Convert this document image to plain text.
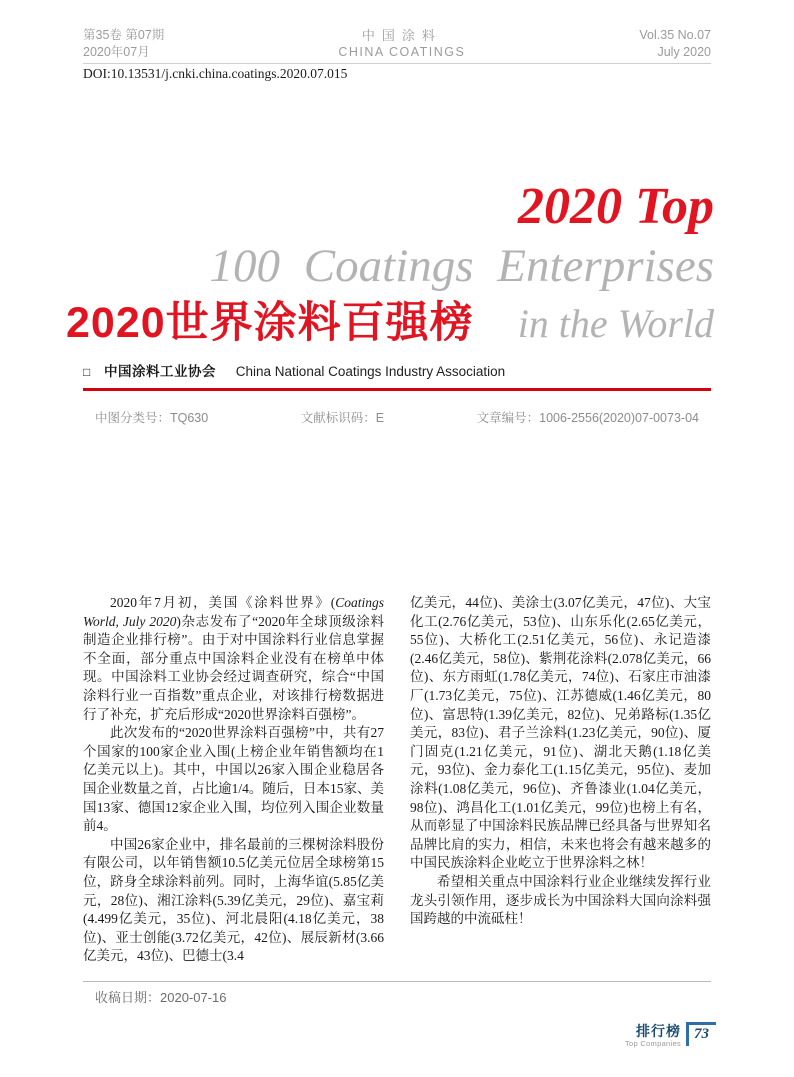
第35卷 第07期
2020年07月
中国涂料
CHINA COATINGS
Vol.35 No.07
July 2020
DOI:10.13531/j.cnki.china.coatings.2020.07.015
2020 Top
100 Coatings Enterprises
2020世界涂料百强榜 in the World
□ 中国涂料工业协会 China National Coatings Industry Association
中图分类号：TQ630	文献标识码：E	文章编号：1006-2556(2020)07-0073-04

2020年7月初，美国《涂料世界》(Coatings World, July 2020)杂志发布了“2020年全球顶级涂料制造企业排行榜”。由于对中国涂料行业信息掌握不全面，部分重点中国涂料企业没有在榜单中体现。中国涂料工业协会经过调查研究，综合“中国涂料行业一百指数”重点企业，对该排行榜数据进行了补充，扩充后形成“2020世界涂料百强榜”。

此次发布的“2020世界涂料百强榜”中，共有27个国家的100家企业入围(上榜企业年销售额均在1亿美元以上)。其中，中国以26家入围企业稳居各国企业数量之首，占比逾1/4。随后，日本15家、美国13家、德国12家企业入围，均位列入围企业数量前4。

中国26家企业中，排名最前的三棵树涂料股份有限公司，以年销售额10.5亿美元位居全球榜第15位，跻身全球涂料前列。同时，上海华谊(5.85亿美元，28位)、湘江涂料(5.39亿美元，29位)、嘉宝莉(4.499亿美元，35位)、河北晨阳(4.18亿美元，38位)、亚士创能(3.72亿美元，42位)、展辰新材(3.66亿美元，43位)、巴德士(3.4

亿美元，44位)、美涂士(3.07亿美元，47位)、大宝化工(2.76亿美元，53位)、山东乐化(2.65亿美元，55位)、大桥化工(2.51亿美元，56位)、永记造漆(2.46亿美元，58位)、紫荆花涂料(2.078亿美元，66位)、东方雨虹(1.78亿美元，74位)、石家庄市油漆厂(1.73亿美元，75位)、江苏德威(1.46亿美元，80位)、富思特(1.39亿美元，82位)、兄弟路标(1.35亿美元，83位)、君子兰涂料(1.23亿美元，90位)、厦门固克(1.21亿美元，91位)、湖北天鹅(1.18亿美元，93位)、金力泰化工(1.15亿美元，95位)、麦加涂料(1.08亿美元，96位)、齐鲁漆业(1.04亿美元，98位)、鸿昌化工(1.01亿美元，99位)也榜上有名，从而彰显了中国涂料民族品牌已经具备与世界知名品牌比肩的实力，相信，未来也将会有越来越多的中国民族涂料企业屹立于世界涂料之林！

希望相关重点中国涂料行业企业继续发挥行业龙头引领作用，逐步成长为中国涂料大国向涂料强国跨越的中流砥柱！

收稿日期：2020-07-16
排行榜
Top Companies
73
